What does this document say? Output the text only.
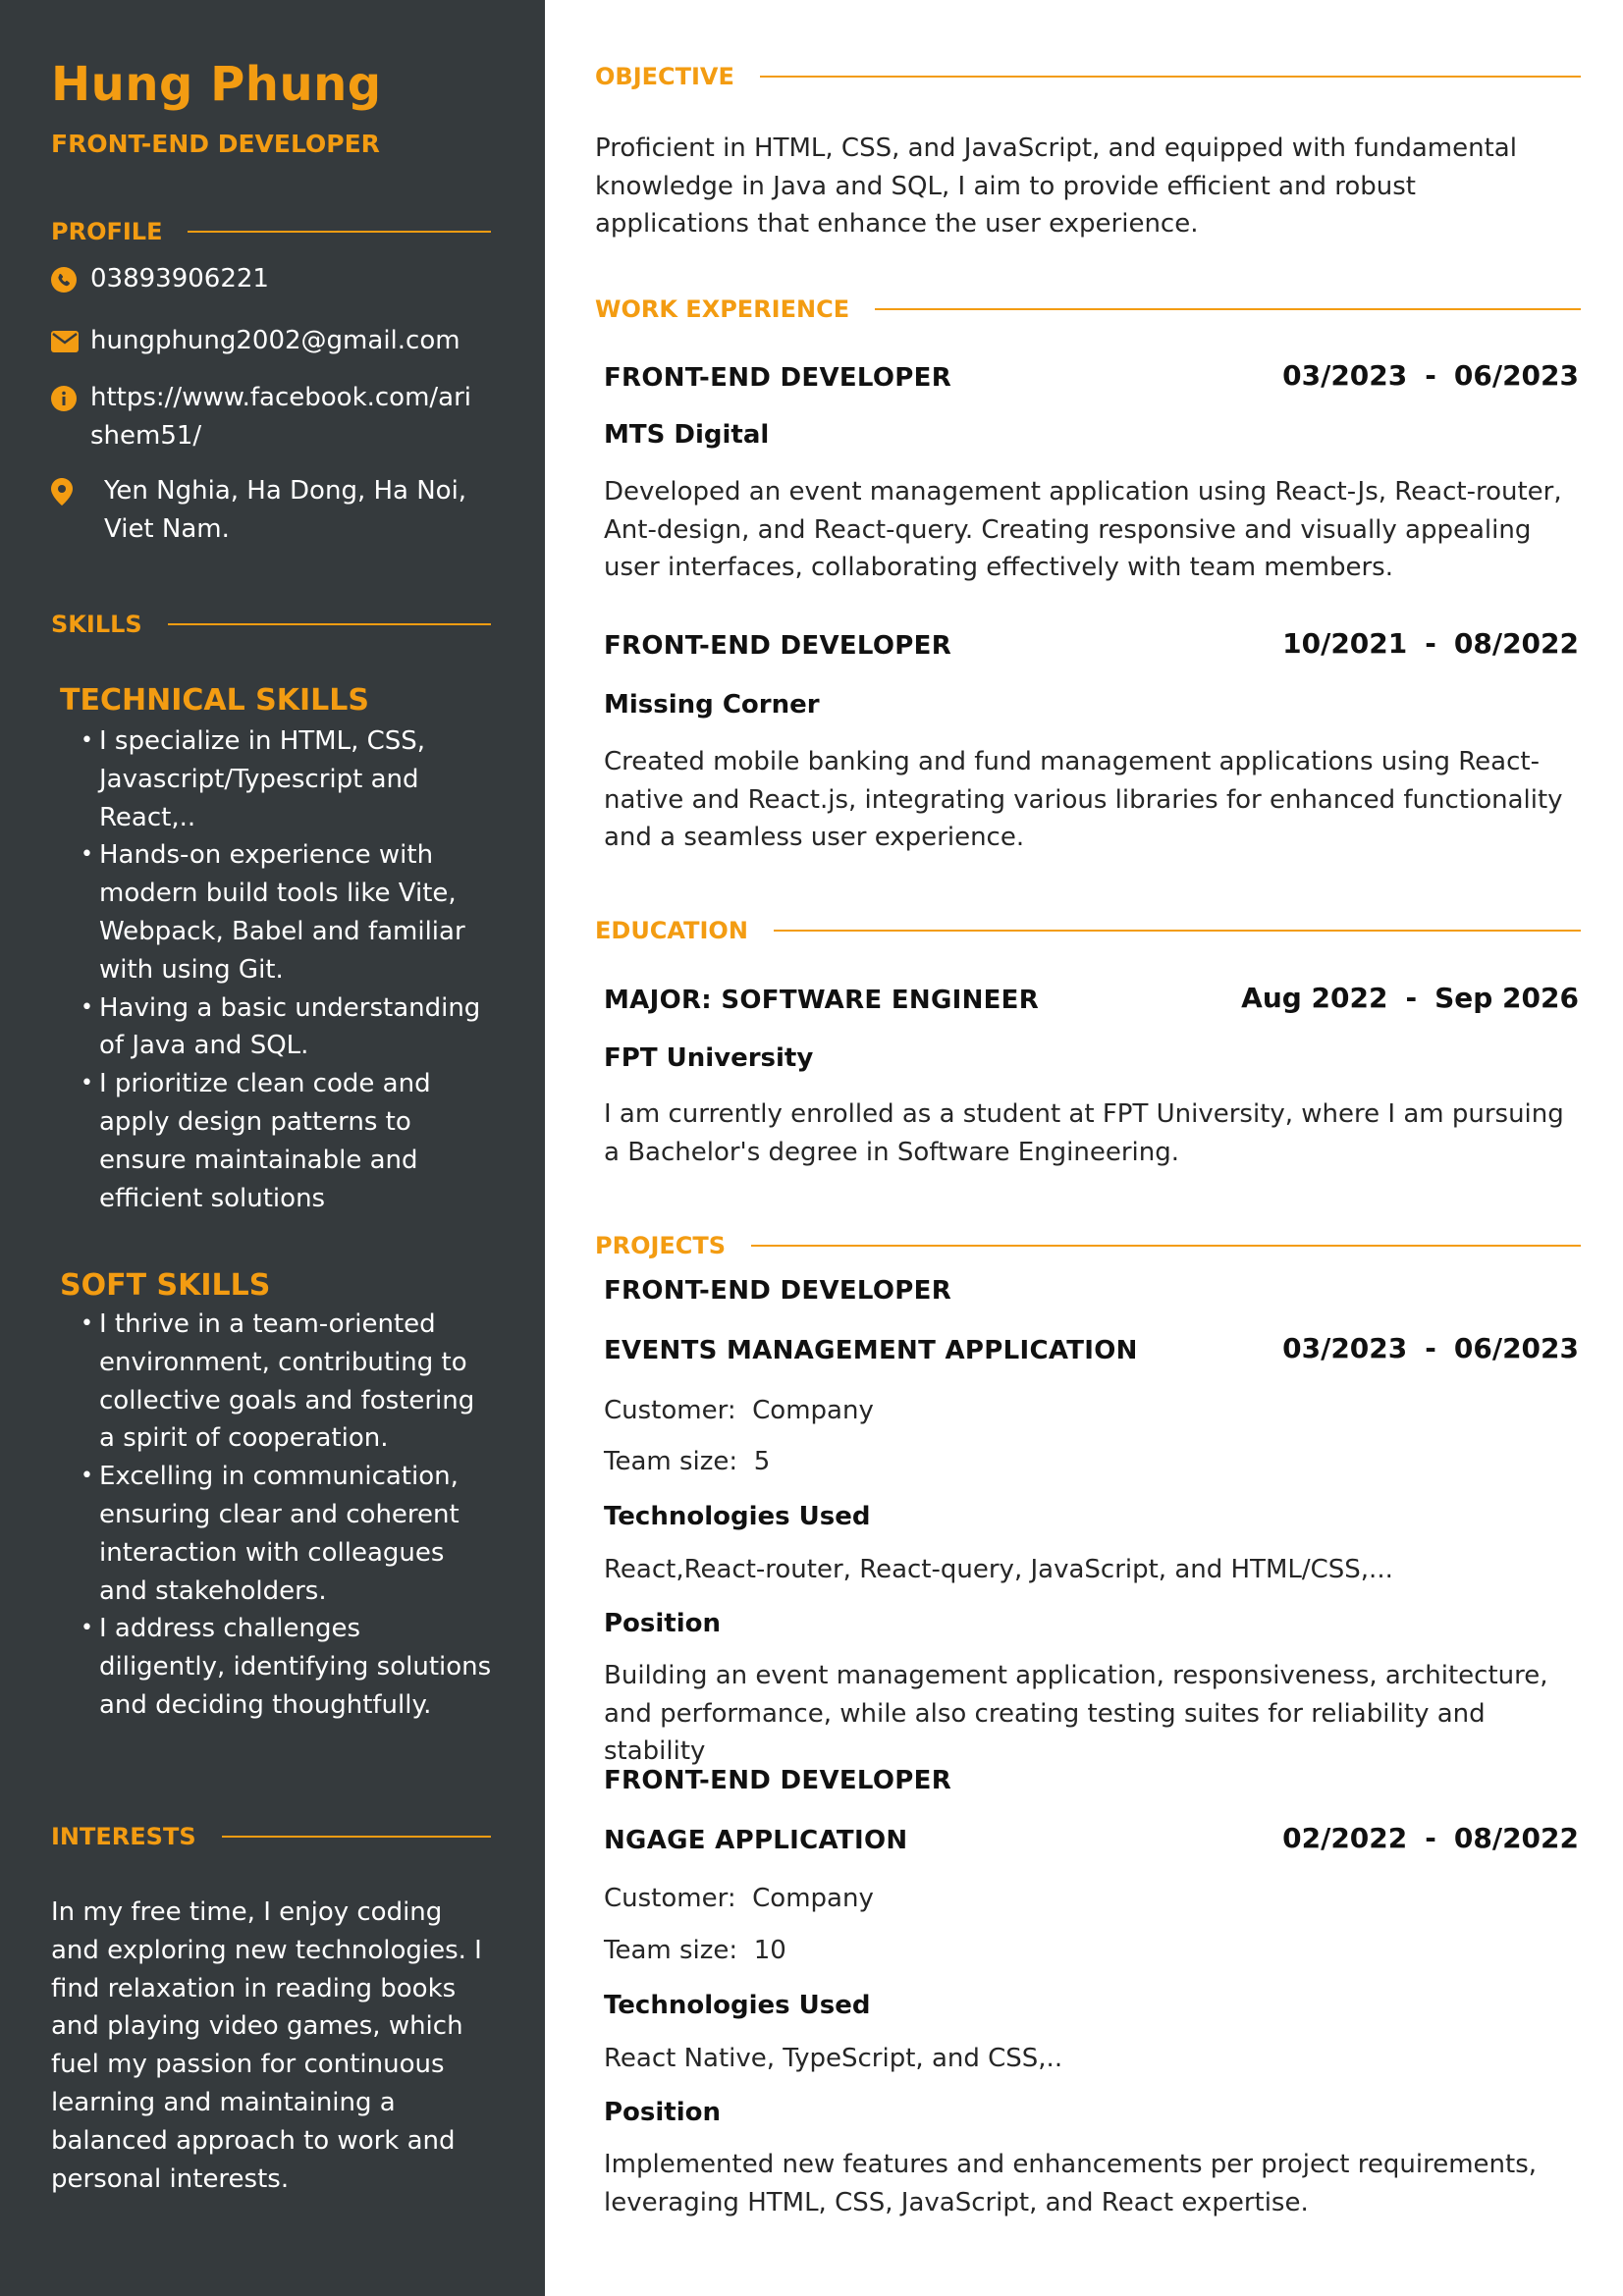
Hung Phung
FRONT-END DEVELOPER
PROFILE
03893906221
hungphung2002@gmail.com
https://www.facebook.com/arishem51/
Yen Nghia, Ha Dong, Ha Noi, Viet Nam.
SKILLS
TECHNICAL SKILLS
• I specialize in HTML, CSS, Javascript/Typescript and React,..
• Hands-on experience with modern build tools like Vite, Webpack, Babel and familiar with using Git.
• Having a basic understanding of Java and SQL.
• I prioritize clean code and apply design patterns to ensure maintainable and efficient solutions
SOFT SKILLS
• I thrive in a team-oriented environment, contributing to collective goals and fostering a spirit of cooperation.
• Excelling in communication, ensuring clear and coherent interaction with colleagues and stakeholders.
• I address challenges diligently, identifying solutions and deciding thoughtfully.
INTERESTS
In my free time, I enjoy coding and exploring new technologies. I find relaxation in reading books and playing video games, which fuel my passion for continuous learning and maintaining a balanced approach to work and personal interests.
OBJECTIVE
Proficient in HTML, CSS, and JavaScript, and equipped with fundamental knowledge in Java and SQL, I aim to provide efficient and robust applications that enhance the user experience.
WORK EXPERIENCE
FRONT-END DEVELOPER	03/2023 - 06/2023
MTS Digital
Developed an event management application using React-Js, React-router, Ant-design, and React-query. Creating responsive and visually appealing user interfaces, collaborating effectively with team members.
FRONT-END DEVELOPER	10/2021 - 08/2022
Missing Corner
Created mobile banking and fund management applications using React-native and React.js, integrating various libraries for enhanced functionality and a seamless user experience.
EDUCATION
MAJOR: SOFTWARE ENGINEER	Aug 2022 - Sep 2026
FPT University
I am currently enrolled as a student at FPT University, where I am pursuing a Bachelor's degree in Software Engineering.
PROJECTS
FRONT-END DEVELOPER
EVENTS MANAGEMENT APPLICATION	03/2023 - 06/2023
Customer: Company
Team size: 5
Technologies Used
React,React-router, React-query, JavaScript, and HTML/CSS,...
Position
Building an event management application, responsiveness, architecture, and performance, while also creating testing suites for reliability and stability
FRONT-END DEVELOPER
NGAGE APPLICATION	02/2022 - 08/2022
Customer: Company
Team size: 10
Technologies Used
React Native, TypeScript, and CSS,..
Position
Implemented new features and enhancements per project requirements, leveraging HTML, CSS, JavaScript, and React expertise.
